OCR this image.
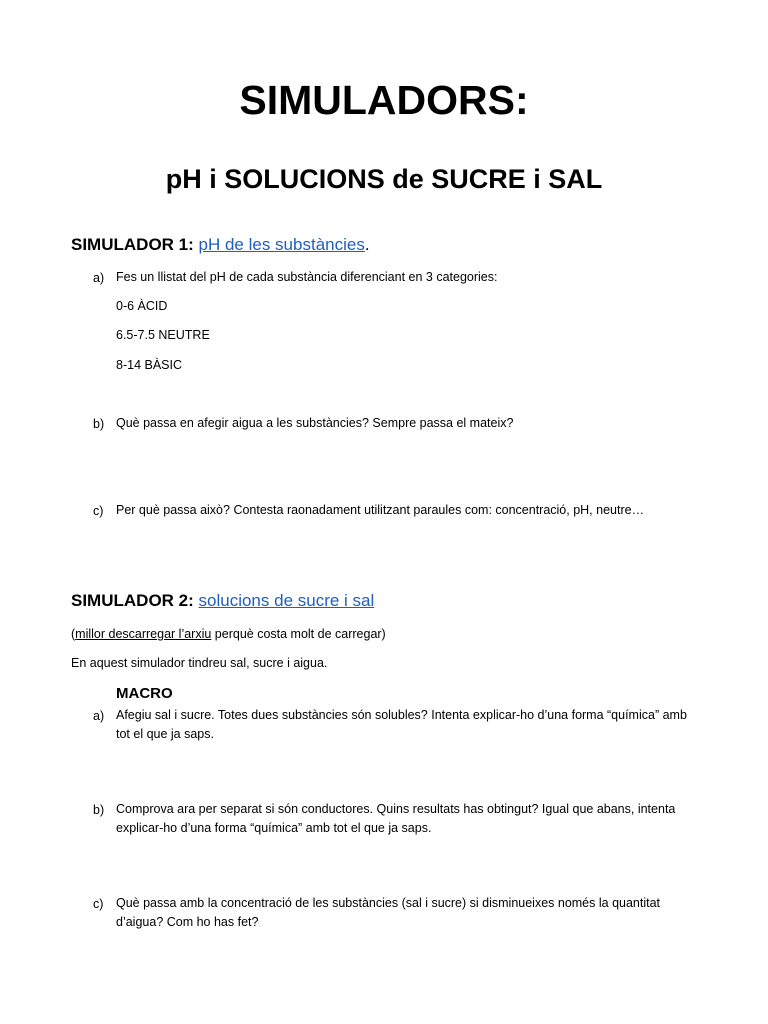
SIMULADORS:
pH i SOLUCIONS de SUCRE i SAL
SIMULADOR 1: pH de les substàncies.
a) Fes un llistat del pH de cada substància diferenciant en 3 categories:
0-6 ÀCID
6.5-7.5 NEUTRE
8-14 BÀSIC
b) Què passa en afegir aigua a les substàncies? Sempre passa el mateix?
c) Per què passa això? Contesta raonadament utilitzant paraules com: concentració, pH, neutre…
SIMULADOR 2: solucions de sucre i sal
(millor descarregar l’arxiu perquè costa molt de carregar)
En aquest simulador tindreu sal, sucre i aigua.
MACRO
a) Afegiu sal i sucre. Totes dues substàncies són solubles? Intenta explicar-ho d’una forma “química” amb tot el que ja saps.
b) Comprova ara per separat si són conductores. Quins resultats has obtingut? Igual que abans, intenta explicar-ho d’una forma “química” amb tot el que ja saps.
c) Què passa amb la concentració de les substàncies (sal i sucre) si disminueixes només la quantitat d’aigua? Com ho has fet?
